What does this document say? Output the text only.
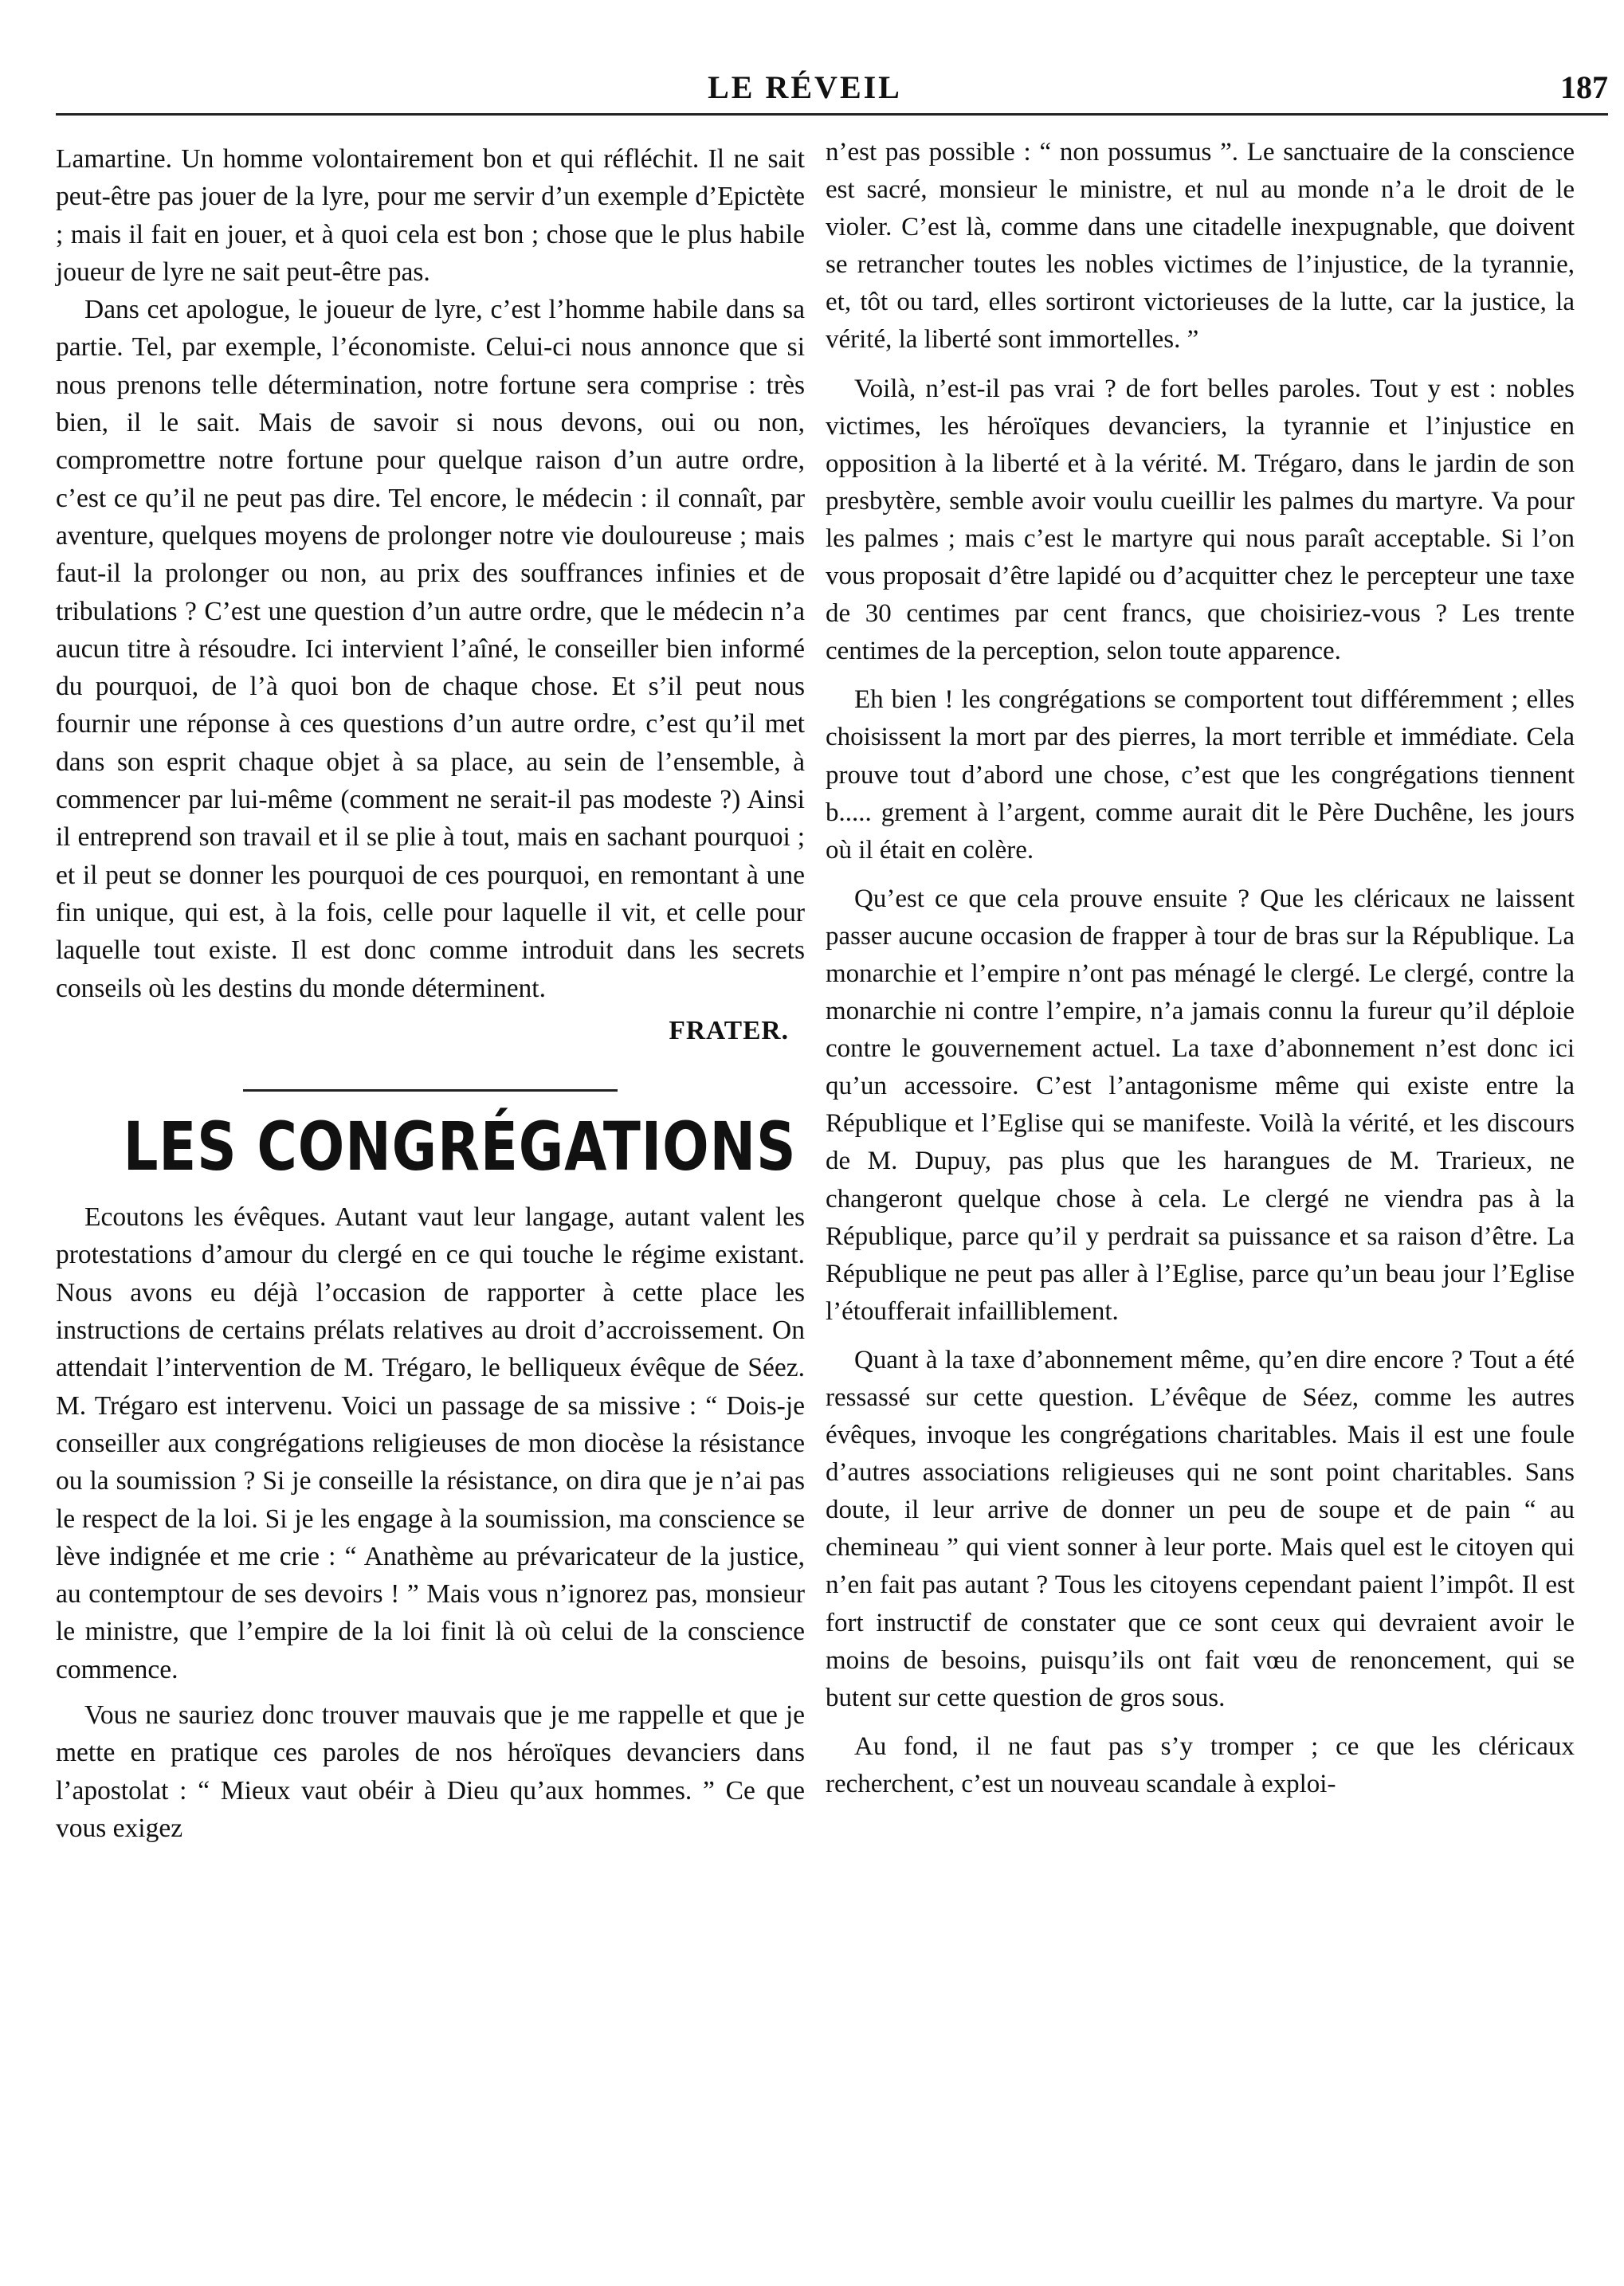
LE RÉVEIL	187

Lamartine. Un homme volontairement bon et qui réfléchit. Il ne sait peut-être pas jouer de la lyre, pour me servir d’un exemple d’Epictète ; mais il fait en jouer, et à quoi cela est bon ; chose que le plus habile joueur de lyre ne sait peut-être pas.

Dans cet apologue, le joueur de lyre, c’est l’homme habile dans sa partie. Tel, par exemple, l’économiste. Celui-ci nous annonce que si nous prenons telle détermination, notre fortune sera comprise : très bien, il le sait. Mais de savoir si nous devons, oui ou non, compromettre notre fortune pour quelque raison d’un autre ordre, c’est ce qu’il ne peut pas dire. Tel encore, le médecin : il connaît, par aventure, quelques moyens de prolonger notre vie douloureuse ; mais faut-il la prolonger ou non, au prix des souffrances infinies et de tribulations ? C’est une question d’un autre ordre, que le médecin n’a aucun titre à résoudre. Ici intervient l’aîné, le conseiller bien informé du pourquoi, de l’à quoi bon de chaque chose. Et s’il peut nous fournir une réponse à ces questions d’un autre ordre, c’est qu’il met dans son esprit chaque objet à sa place, au sein de l’ensemble, à commencer par lui-même (comment ne serait-il pas modeste ?) Ainsi il entreprend son travail et il se plie à tout, mais en sachant pourquoi ; et il peut se donner les pourquoi de ces pourquoi, en remontant à une fin unique, qui est, à la fois, celle pour laquelle il vit, et celle pour laquelle tout existe. Il est donc comme introduit dans les secrets conseils où les destins du monde déterminent.

FRATER.
LES CONGRÉGATIONS

Ecoutons les évêques. Autant vaut leur langage, autant valent les protestations d’amour du clergé en ce qui touche le régime existant. Nous avons eu déjà l’occasion de rapporter à cette place les instructions de certains prélats relatives au droit d’accroissement. On attendait l’intervention de M. Trégaro, le belliqueux évêque de Séez. M. Trégaro est intervenu. Voici un passage de sa missive : “ Dois-je conseiller aux congrégations religieuses de mon diocèse la résistance ou la soumission ? Si je conseille la résistance, on dira que je n’ai pas le respect de la loi. Si je les engage à la soumission, ma conscience se lève indignée et me crie : “ Anathème au prévaricateur de la justice, au contemptour de ses devoirs ! ” Mais vous n’ignorez pas, monsieur le ministre, que l’empire de la loi finit là où celui de la conscience commence.

Vous ne sauriez donc trouver mauvais que je me rappelle et que je mette en pratique ces paroles de nos héroïques devanciers dans l’apostolat : “ Mieux vaut obéir à Dieu qu’aux hommes. ” Ce que vous exigez

n’est pas possible : “ non possumus ”. Le sanctuaire de la conscience est sacré, monsieur le ministre, et nul au monde n’a le droit de le violer. C’est là, comme dans une citadelle inexpugnable, que doivent se retrancher toutes les nobles victimes de l’injustice, de la tyrannie, et, tôt ou tard, elles sortiront victorieuses de la lutte, car la justice, la vérité, la liberté sont immortelles. ”

Voilà, n’est-il pas vrai ? de fort belles paroles. Tout y est : nobles victimes, les héroïques devanciers, la tyrannie et l’injustice en opposition à la liberté et à la vérité. M. Trégaro, dans le jardin de son presbytère, semble avoir voulu cueillir les palmes du martyre. Va pour les palmes ; mais c’est le martyre qui nous paraît acceptable. Si l’on vous proposait d’être lapidé ou d’acquitter chez le percepteur une taxe de 30 centimes par cent francs, que choisiriez-vous ? Les trente centimes de la perception, selon toute apparence.

Eh bien ! les congrégations se comportent tout différemment ; elles choisissent la mort par des pierres, la mort terrible et immédiate. Cela prouve tout d’abord une chose, c’est que les congrégations tiennent b..... grement à l’argent, comme aurait dit le Père Duchêne, les jours où il était en colère.

Qu’est ce que cela prouve ensuite ? Que les cléricaux ne laissent passer aucune occasion de frapper à tour de bras sur la République. La monarchie et l’empire n’ont pas ménagé le clergé. Le clergé, contre la monarchie ni contre l’empire, n’a jamais connu la fureur qu’il déploie contre le gouvernement actuel. La taxe d’abonnement n’est donc ici qu’un accessoire. C’est l’antagonisme même qui existe entre la République et l’Eglise qui se manifeste. Voilà la vérité, et les discours de M. Dupuy, pas plus que les harangues de M. Trarieux, ne changeront quelque chose à cela. Le clergé ne viendra pas à la République, parce qu’il y perdrait sa puissance et sa raison d’être. La République ne peut pas aller à l’Eglise, parce qu’un beau jour l’Eglise l’étoufferait infailliblement.

Quant à la taxe d’abonnement même, qu’en dire encore ? Tout a été ressassé sur cette question. L’évêque de Séez, comme les autres évêques, invoque les congrégations charitables. Mais il est une foule d’autres associations religieuses qui ne sont point charitables. Sans doute, il leur arrive de donner un peu de soupe et de pain “ au chemineau ” qui vient sonner à leur porte. Mais quel est le citoyen qui n’en fait pas autant ? Tous les citoyens cependant paient l’impôt. Il est fort instructif de constater que ce sont ceux qui devraient avoir le moins de besoins, puisqu’ils ont fait vœu de renoncement, qui se butent sur cette question de gros sous.

Au fond, il ne faut pas s’y tromper ; ce que les cléricaux recherchent, c’est un nouveau scandale à exploi-
